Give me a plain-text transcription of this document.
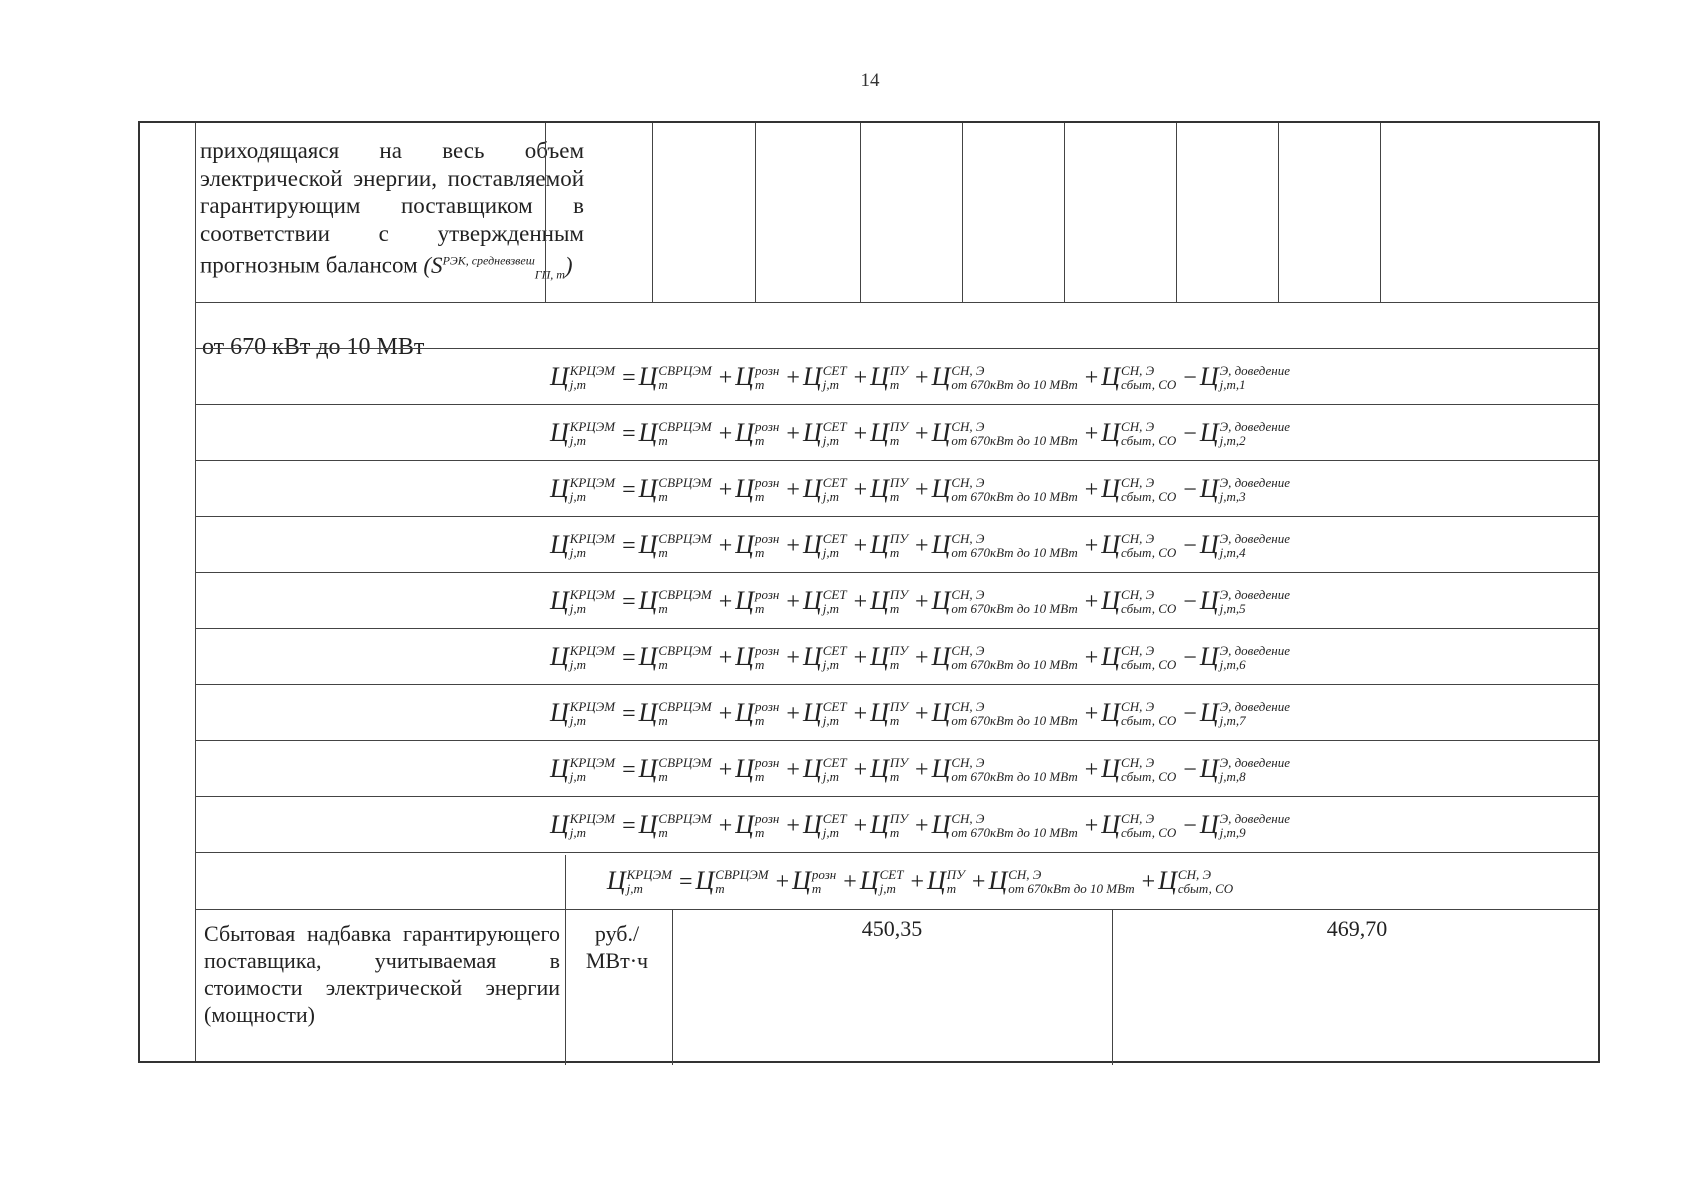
14
приходящаяся на весь объем электрической энергии, поставляемой гарантирующим поставщиком в соответствии с утвержденным прогнозным балансом $(S^{РЭК, средневзвеш}_{ГП, т})$
от 670 кВт до 10 МВт
Ц КРЦЭМ
j,m	= Ц СВРЦЭМ
m	+ Ц розн
m + Ц СЕТ
j,m + Ц ПУ
m + Ц СН, Э
от 670кВт до 10 МВт + Ц СН, Э
сбыт, СО − Ц Э, доведение
j,m,1
Ц КРЦЭМ
j,m	= Ц СВРЦЭМ
m	+ Ц розн
m + Ц СЕТ
j,m + Ц ПУ
m + Ц СН, Э
от 670кВт до 10 МВт + Ц СН, Э
сбыт, СО − Ц Э, доведение
j,m,2
Ц КРЦЭМ
j,m	= Ц СВРЦЭМ
m	+ Ц розн
m + Ц СЕТ
j,m + Ц ПУ
m + Ц СН, Э
от 670кВт до 10 МВт + Ц СН, Э
сбыт, СО − Ц Э, доведение
j,m,3
Ц КРЦЭМ
j,m	= Ц СВРЦЭМ
m	+ Ц розн
m + Ц СЕТ
j,m + Ц ПУ
m + Ц СН, Э
от 670кВт до 10 МВт + Ц СН, Э
сбыт, СО − Ц Э, доведение
j,m,4
Ц КРЦЭМ
j,m	= Ц СВРЦЭМ
m	+ Ц розн
m + Ц СЕТ
j,m + Ц ПУ
m + Ц СН, Э
от 670кВт до 10 МВт + Ц СН, Э
сбыт, СО − Ц Э, доведение
j,m,5
Ц КРЦЭМ
j,m	= Ц СВРЦЭМ
m	+ Ц розн
m + Ц СЕТ
j,m + Ц ПУ
m + Ц СН, Э
от 670кВт до 10 МВт + Ц СН, Э
сбыт, СО − Ц Э, доведение
j,m,6
Ц КРЦЭМ
j,m	= Ц СВРЦЭМ
m	+ Ц розн
m + Ц СЕТ
j,m + Ц ПУ
m + Ц СН, Э
от 670кВт до 10 МВт + Ц СН, Э
сбыт, СО − Ц Э, доведение
j,m,7
Ц КРЦЭМ
j,m	= Ц СВРЦЭМ
m	+ Ц розн
m + Ц СЕТ
j,m + Ц ПУ
m + Ц СН, Э
от 670кВт до 10 МВт + Ц СН, Э
сбыт, СО − Ц Э, доведение
j,m,8
Ц КРЦЭМ
j,m	= Ц СВРЦЭМ
m	+ Ц розн
m + Ц СЕТ
j,m + Ц ПУ
m + Ц СН, Э
от 670кВт до 10 МВт + Ц СН, Э
сбыт, СО − Ц Э, доведение
j,m,9
Ц КРЦЭМ
j,m	= Ц СВРЦЭМ
m	+ Ц розн
m + Ц СЕТ
j,m + Ц ПУ
m + Ц СН, Э
от 670кВт до 10 МВт + Ц СН, Э
сбыт, СО
Сбытовая надбавка гарантирующего поставщика, учитываемая в стоимости электрической энергии (мощности)
руб./
МВт·ч
450,35	469,70
